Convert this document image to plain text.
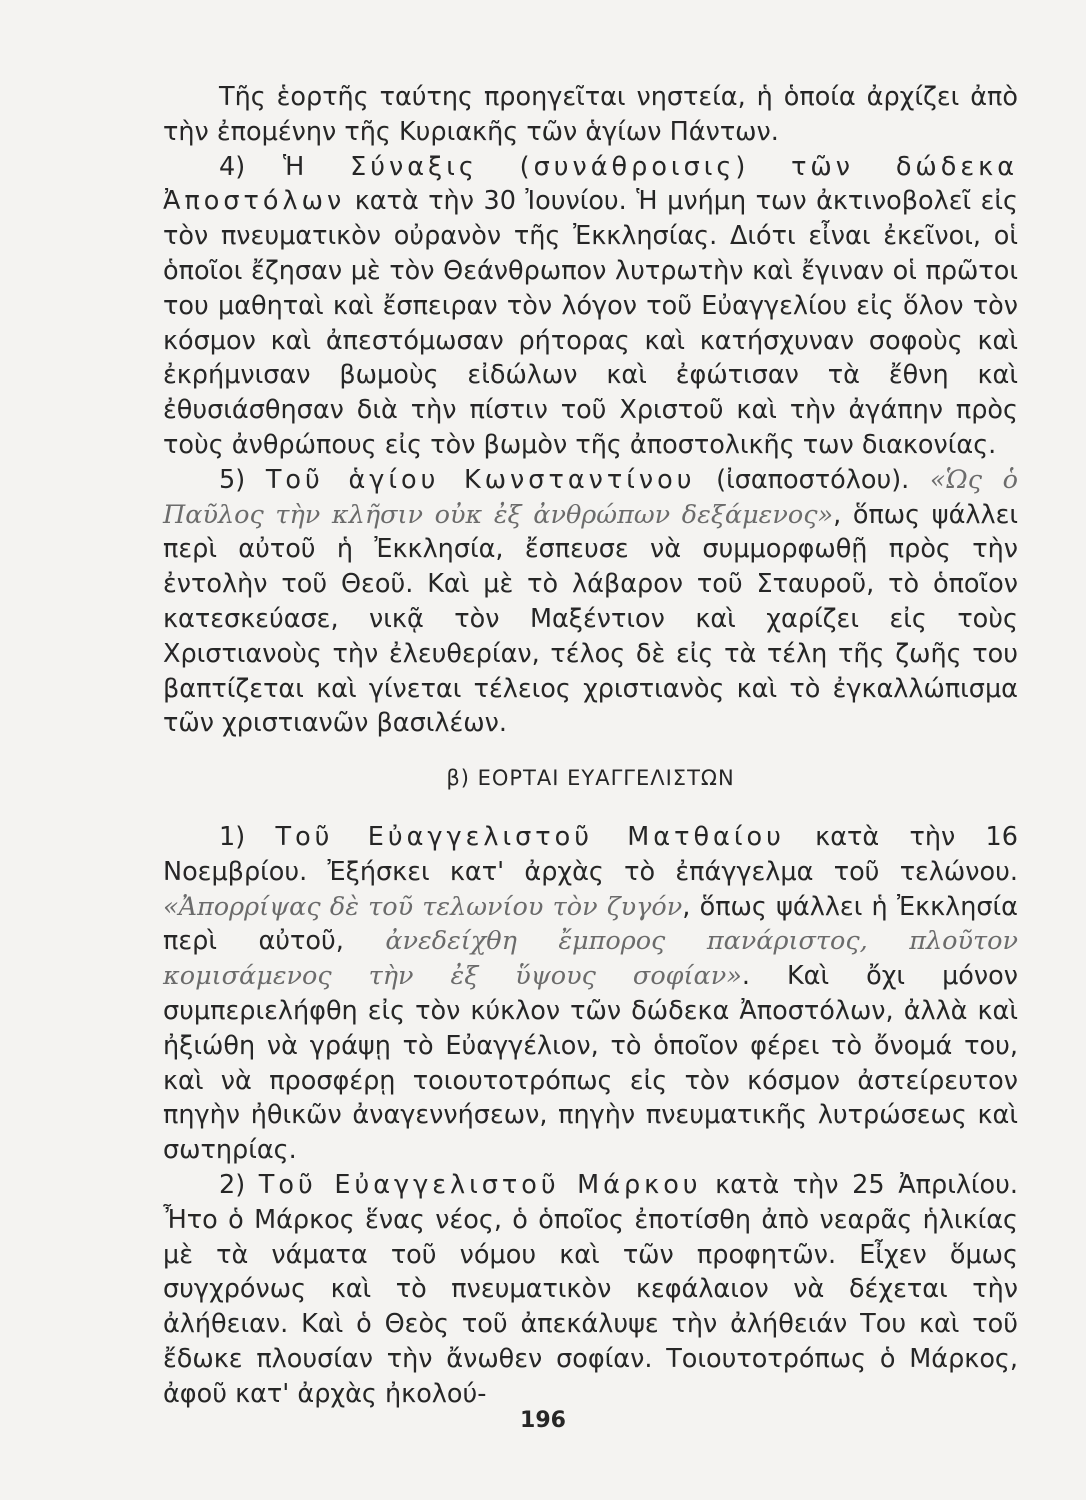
Τῆς ἑορτῆς ταύτης προηγεῖται νηστεία, ἡ ὁποία ἀρχίζει ἀπὸ τὴν ἐπομένην τῆς Κυριακῆς τῶν ἁγίων Πάντων.

4) Ἡ Σύναξις (συνάθροισις) τῶν δώδεκα Ἀποστόλων κατὰ τὴν 30 Ἰουνίου. Ἡ μνήμη των ἀκτινοβολεῖ εἰς τὸν πνευματικὸν οὐρανὸν τῆς Ἐκκλησίας. Διότι εἶναι ἐκεῖνοι, οἱ ὁποῖοι ἔζησαν μὲ τὸν Θεάνθρωπον λυτρωτὴν καὶ ἔγιναν οἱ πρῶτοι του μαθηταὶ καὶ ἔσπειραν τὸν λόγον τοῦ Εὐαγγελίου εἰς ὅλον τὸν κόσμον καὶ ἀπεστόμωσαν ρήτορας καὶ κατήσχυναν σοφοὺς καὶ ἐκρήμνισαν βωμοὺς εἰδώλων καὶ ἐφώτισαν τὰ ἔθνη καὶ ἐθυσιάσθησαν διὰ τὴν πίστιν τοῦ Χριστοῦ καὶ τὴν ἀγάπην πρὸς τοὺς ἀνθρώπους εἰς τὸν βωμὸν τῆς ἀποστολικῆς των διακονίας.

5) Τοῦ ἁγίου Κωνσταντίνου (ἰσαποστόλου). «Ὡς ὁ Παῦλος τὴν κλῆσιν οὐκ ἐξ ἀνθρώπων δεξάμενος», ὅπως ψάλλει περὶ αὐτοῦ ἡ Ἐκκλησία, ἔσπευσε νὰ συμμορφωθῇ πρὸς τὴν ἐντολὴν τοῦ Θεοῦ. Καὶ μὲ τὸ λάβαρον τοῦ Σταυροῦ, τὸ ὁποῖον κατεσκεύασε, νικᾷ τὸν Μαξέντιον καὶ χαρίζει εἰς τοὺς Χριστιανοὺς τὴν ἐλευθερίαν, τέλος δὲ εἰς τὰ τέλη τῆς ζωῆς του βαπτίζεται καὶ γίνεται τέλειος χριστιανὸς καὶ τὸ ἐγκαλλώπισμα τῶν χριστιανῶν βασιλέων.

β) ΕΟΡΤΑΙ ΕΥΑΓΓΕΛΙΣΤΩΝ

1) Τοῦ Εὐαγγελιστοῦ Ματθαίου κατὰ τὴν 16 Νοεμβρίου. Ἐξήσκει κατ' ἀρχὰς τὸ ἐπάγγελμα τοῦ τελώνου. «Ἀπορρίψας δὲ τοῦ τελωνίου τὸν ζυγόν, ὅπως ψάλλει ἡ Ἐκκλησία περὶ αὐτοῦ, ἀνεδείχθη ἔμπορος πανάριστος, πλοῦτον κομισάμενος τὴν ἐξ ὕψους σοφίαν». Καὶ ὄχι μόνον συμπεριελήφθη εἰς τὸν κύκλον τῶν δώδεκα Ἀποστόλων, ἀλλὰ καὶ ἠξιώθη νὰ γράψῃ τὸ Εὐαγγέλιον, τὸ ὁποῖον φέρει τὸ ὄνομά του, καὶ νὰ προσφέρῃ τοιουτοτρόπως εἰς τὸν κόσμον ἀστείρευτον πηγὴν ἠθικῶν ἀναγεννήσεων, πηγὴν πνευματικῆς λυτρώσεως καὶ σωτηρίας.

2) Τοῦ Εὐαγγελιστοῦ Μάρκου κατὰ τὴν 25 Ἀπριλίου. Ἦτο ὁ Μάρκος ἕνας νέος, ὁ ὁποῖος ἐποτίσθη ἀπὸ νεαρᾶς ἡλικίας μὲ τὰ νάματα τοῦ νόμου καὶ τῶν προφητῶν. Εἶχεν ὅμως συγχρόνως καὶ τὸ πνευματικὸν κεφάλαιον νὰ δέχεται τὴν ἀλήθειαν. Καὶ ὁ Θεὸς τοῦ ἀπεκάλυψε τὴν ἀλήθειάν Του καὶ τοῦ ἔδωκε πλουσίαν τὴν ἄνωθεν σοφίαν. Τοιουτοτρόπως ὁ Μάρκος, ἀφοῦ κατ' ἀρχὰς ἠκολού-

196
